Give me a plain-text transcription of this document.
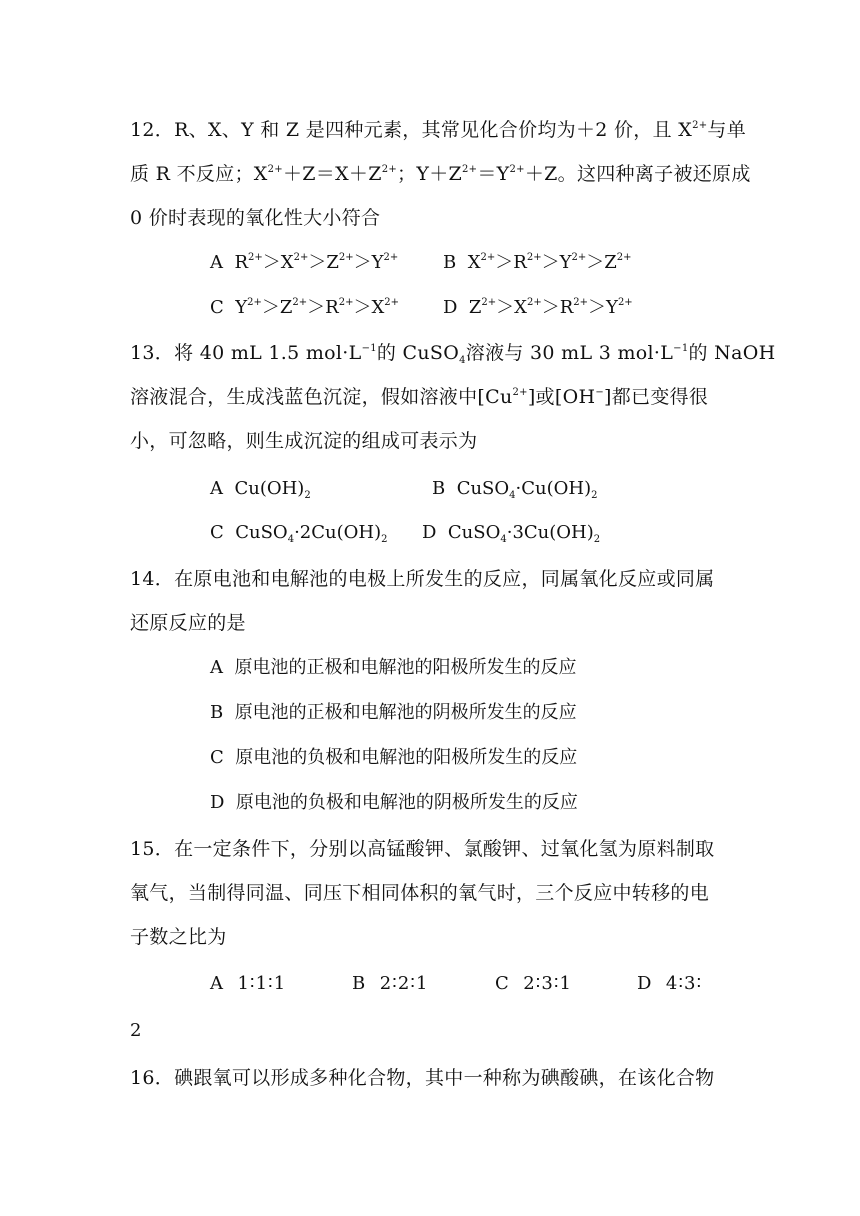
12．R、X、Y 和 Z 是四种元素，其常见化合价均为＋2 价，且 $X^{2+}$与单
质 R 不反应；$X^{2+}+Z=X+Z^{2+}$；$Y+Z^{2+}=Y^{2+}+Z$。这四种离子被还原成
0 价时表现的氧化性大小符合
A $R^{2+}>X^{2+}>Z^{2+}>Y^{2+}$ B $X^{2+}>R^{2+}>Y^{2+}>Z^{2+}$
C $Y^{2+}>Z^{2+}>R^{2+}>X^{2+}$ D $Z^{2+}>X^{2+}>R^{2+}>Y^{2+}$
13．将 40 mL 1.5 $mol\cdot L^{-1}$的 CuSO$_4$溶液与 30 mL 3 $mol\cdot L^{-1}$的 NaOH
溶液混合，生成浅蓝色沉淀，假如溶液中$[Cu^{2+}]$或[OH−]都已变得很
小，可忽略，则生成沉淀的组成可表示为
A $Cu(OH)_2$	B $CuSO_4\cdot Cu(OH)_2$
C $CuSO_4\cdot 2Cu(OH)_2$ D $CuSO_4\cdot 3Cu(OH)_2$
14．在原电池和电解池的电极上所发生的反应，同属氧化反应或同属
还原反应的是
A 原电池的正极和电解池的阳极所发生的反应
B 原电池的正极和电解池的阴极所发生的反应
C 原电池的负极和电解池的阳极所发生的反应
D 原电池的负极和电解池的阴极所发生的反应
15．在一定条件下，分别以高锰酸钾、氯酸钾、过氧化氢为原料制取
氧气，当制得同温、同压下相同体积的氧气时，三个反应中转移的电
子数之比为
A 1∶1∶1	B 2∶2∶1	C 2∶3∶1	D 4∶3∶
2
16．碘跟氧可以形成多种化合物，其中一种称为碘酸碘，在该化合物
